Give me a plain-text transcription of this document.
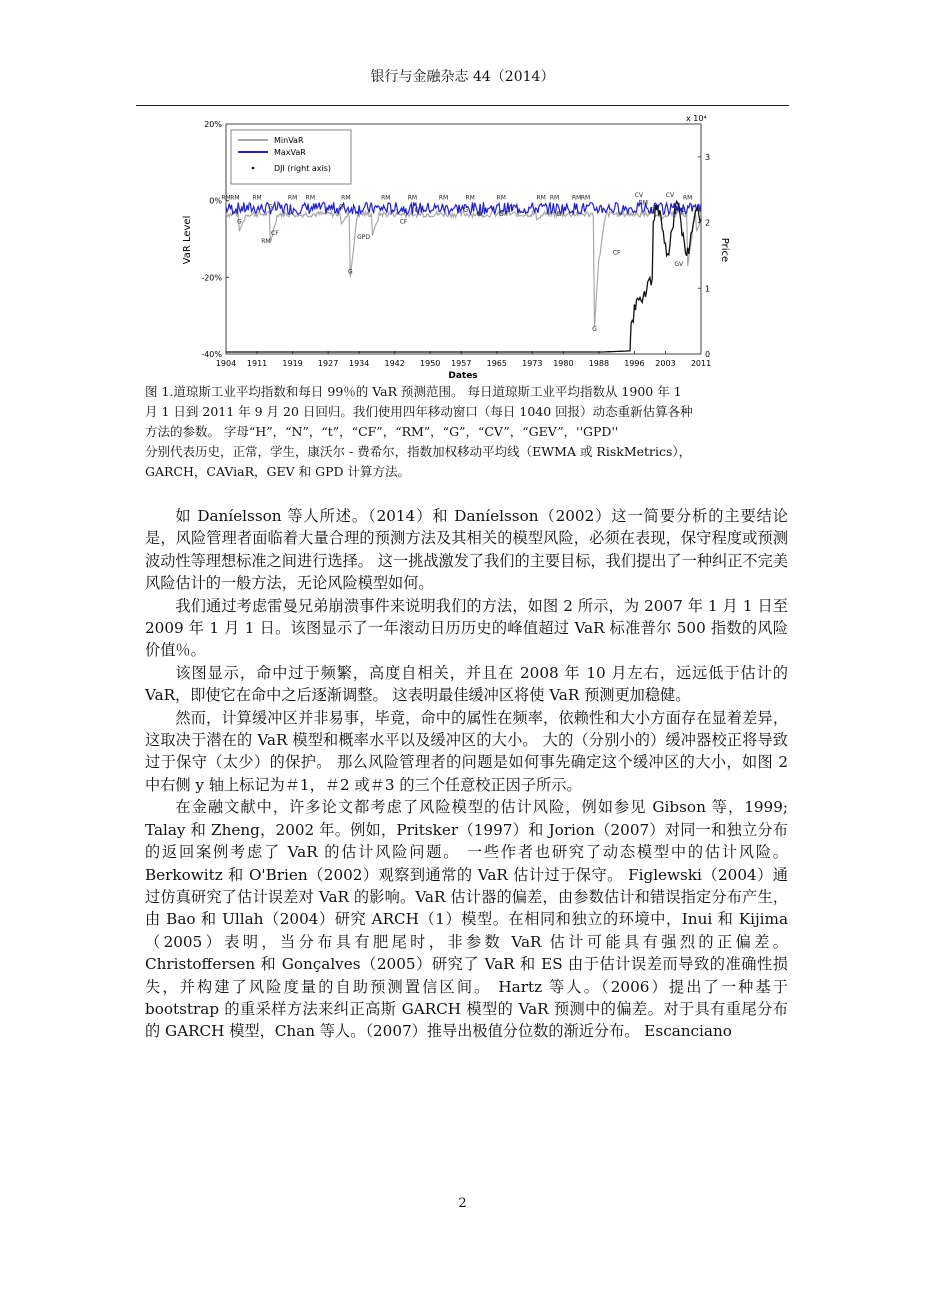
银行与金融杂志 44（2014）
1904 1911 1919 1927 1934 1942 1950 1957 1965 1973 1980 1988 1996 2003 2011
20%
0%
-20%
-40%
3
2
1
0
RM RM RM	RM RM	RM	RM	RM	RM	RM	RM	RM RM RM RM
RM
RM
CV	CV
G
G	G
G
G	G
G	G	G
G
G	G
RM
CF
GPD
CF
CF
CF
GV
MinVaR
MaxVaR
DJI (right axis)
VaR Level	Price
Dates
x 10⁴

图 1.道琼斯工业平均指数和每日 99％的 VaR 预测范围。 每日道琼斯工业平均指数从 1900 年 1

月 1 日到 2011 年 9 月 20 日回归。我们使用四年移动窗口（每日 1040 回报）动态重新估算各种

方法的参数。 字母“H”，“N”，“t”，“CF”，“RM”，“G”，“CV”，“GEV”，''GPD''

分别代表历史，正常，学生，康沃尔 - 费希尔，指数加权移动平均线（EWMA 或 RiskMetrics），

GARCH，CAViaR，GEV 和 GPD 计算方法。

如 Daníelsson 等人所述。（2014）和 Daníelsson（2002）这一简要分析的主要结论是，风险管理者面临着大量合理的预测方法及其相关的模型风险，必须在表现，保守程度或预测波动性等理想标准之间进行选择。 这一挑战激发了我们的主要目标，我们提出了一种纠正不完美风险估计的一般方法，无论风险模型如何。

我们通过考虑雷曼兄弟崩溃事件来说明我们的方法，如图 2 所示，为 2007 年 1 月 1 日至 2009 年 1 月 1 日。该图显示了一年滚动日历历史的峰值超过 VaR 标准普尔 500 指数的风险价值％。

该图显示，命中过于频繁，高度自相关，并且在 2008 年 10 月左右，远远低于估计的 VaR，即使它在命中之后逐渐调整。 这表明最佳缓冲区将使 VaR 预测更加稳健。

然而，计算缓冲区并非易事，毕竟，命中的属性在频率，依赖性和大小方面存在显着差异，这取决于潜在的 VaR 模型和概率水平以及缓冲区的大小。 大的（分别小的）缓冲器校正将导致过于保守（太少）的保护。 那么风险管理者的问题是如何事先确定这个缓冲区的大小，如图 2 中右侧 y 轴上标记为＃1，＃2 或＃3 的三个任意校正因子所示。

在金融文献中，许多论文都考虑了风险模型的估计风险，例如参见 Gibson 等，1999; Talay 和 Zheng，2002 年。例如，Pritsker（1997）和 Jorion（2007）对同一和独立分布的返回案例考虑了 VaR 的估计风险问题。 一些作者也研究了动态模型中的估计风险。 Berkowitz 和 O'Brien（2002）观察到通常的 VaR 估计过于保守。 Figlewski（2004）通过仿真研究了估计误差对 VaR 的影响。VaR 估计器的偏差，由参数估计和错误指定分布产生，由 Bao 和 Ullah（2004）研究 ARCH（1）模型。在相同和独立的环境中，Inui 和 Kijima（2005）表明，当分布具有肥尾时，非参数 VaR 估计可能具有强烈的正偏差。Christoffersen 和 Gonçalves（2005）研究了 VaR 和 ES 由于估计误差而导致的准确性损失，并构建了风险度量的自助预测置信区间。 Hartz 等人。（2006）提出了一种基于 bootstrap 的重采样方法来纠正高斯 GARCH 模型的 VaR 预测中的偏差。对于具有重尾分布的 GARCH 模型，Chan 等人。（2007）推导出极值分位数的渐近分布。 Escanciano

2
